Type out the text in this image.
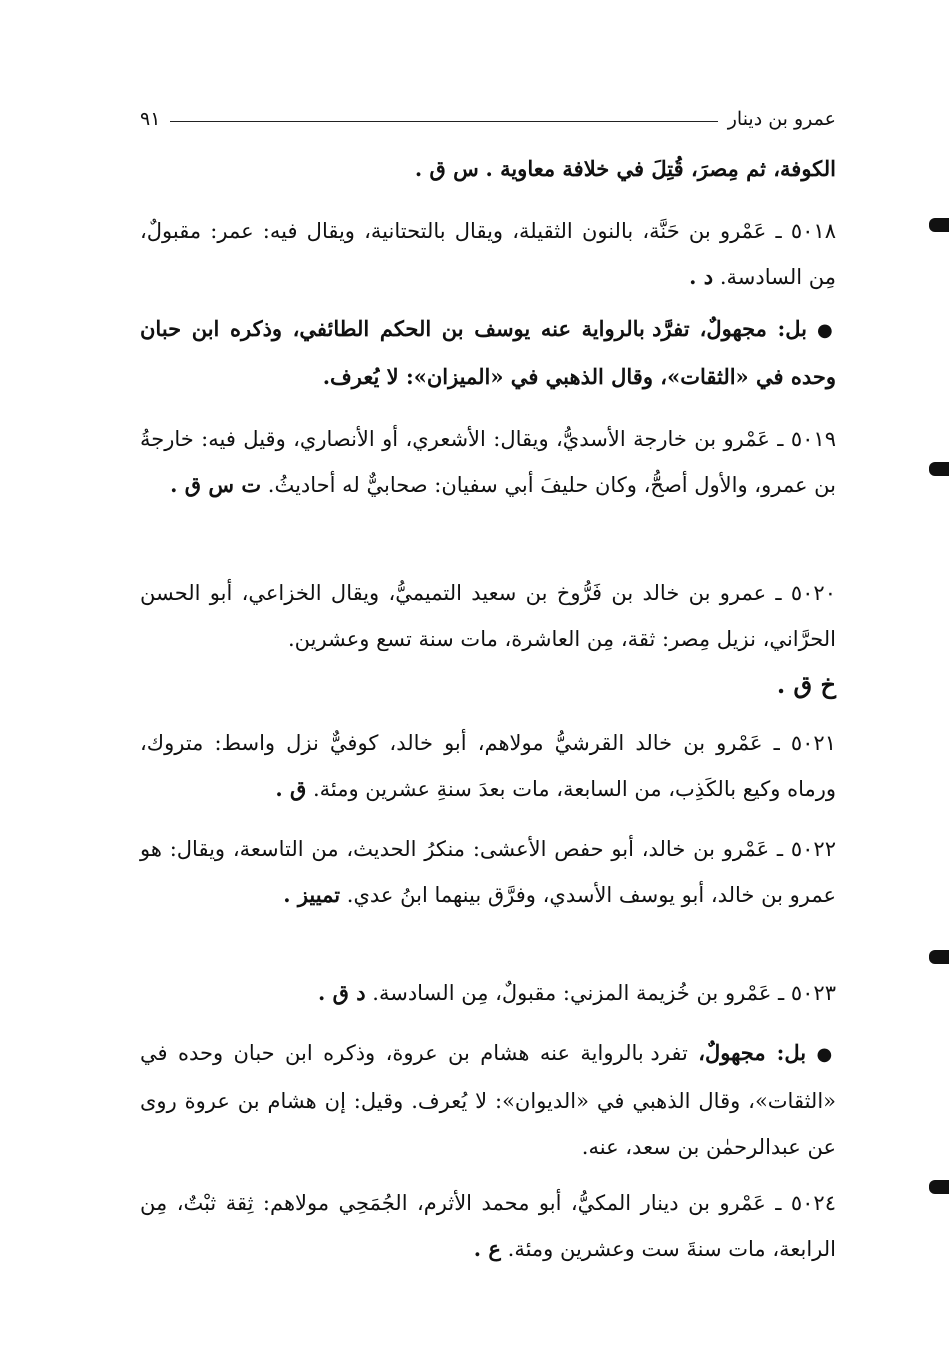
عمرو بن دينار
٩١
الكوفة، ثم مِصرَ، قُتِلَ في خلافة معاوية . س ق .
٥٠١٨ ـ عَمْرو بن حَنَّة، بالنون الثقيلة، ويقال بالتحتانية، ويقال فيه: عمر: مقبولٌ، مِن السادسة. د .
● بل: مجهولٌ، تفرَّد بالرواية عنه يوسف بن الحكم الطائفي، وذكره ابن حبان وحده في «الثقات»، وقال الذهبي في «الميزان»: لا يُعرف.
٥٠١٩ ـ عَمْرو بن خارجة الأسديُّ، ويقال: الأشعري، أو الأنصاري، وقيل فيه: خارجةُ بن عمرو، والأول أصحُّ، وكان حليفَ أبي سفيان: صحابيٌّ له أحاديثُ. ت س ق .
٥٠٢٠ ـ عمرو بن خالد بن فَرُّوخ بن سعيد التميميُّ، ويقال الخزاعي، أبو الحسن الحرَّاني، نزيل مِصر: ثقة، مِن العاشرة، مات سنة تسع وعشرين.
خ ق .
٥٠٢١ ـ عَمْرو بن خالد القرشيُّ مولاهم، أبو خالد، كوفيٌّ نزل واسط: متروك، ورماه وكيع بالكَذِب، من السابعة، مات بعدَ سنةِ عشرين ومئة. ق .
٥٠٢٢ ـ عَمْرو بن خالد، أبو حفص الأعشى: منكرُ الحديث، من التاسعة، ويقال: هو عمرو بن خالد، أبو يوسف الأسدي، وفرَّق بينهما ابنُ عدي. تمييز .
٥٠٢٣ ـ عَمْرو بن خُزيمة المزني: مقبولٌ، مِن السادسة. د ق .
● بل: مجهولٌ، تفرد بالرواية عنه هشام بن عروة، وذكره ابن حبان وحده في «الثقات»، وقال الذهبي في «الديوان»: لا يُعرف. وقيل: إن هشام بن عروة روى عن عبدالرحمٰن بن سعد، عنه.
٥٠٢٤ ـ عَمْرو بن دينار المكيُّ، أبو محمد الأثرم، الجُمَحِي مولاهم: ثِقة ثبْتٌ، مِن الرابعة، مات سنةَ ست وعشرين ومئة. ع .
